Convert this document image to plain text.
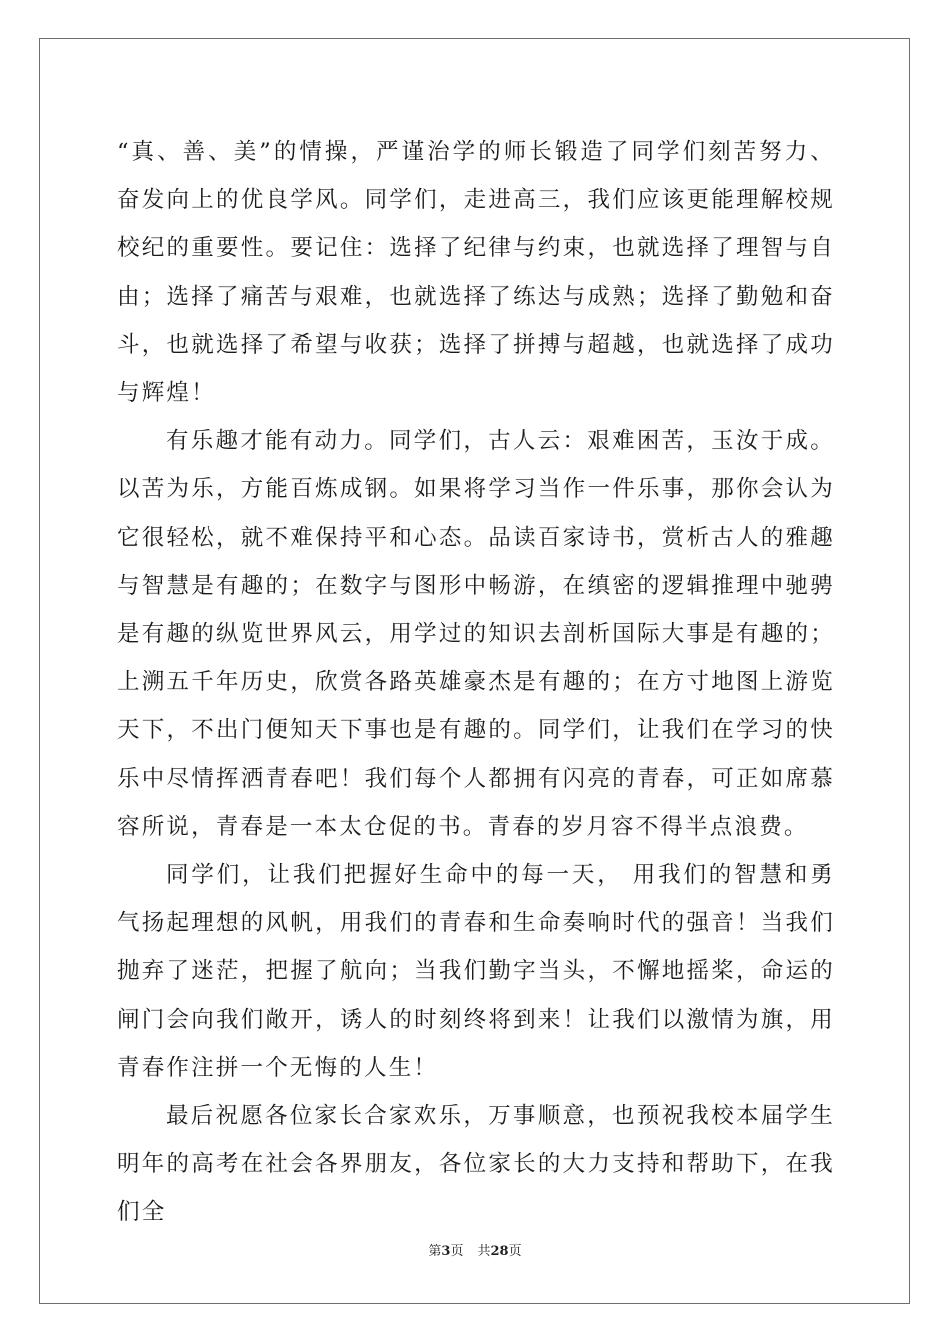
“真、善、美”的情操，严谨治学的师长锻造了同学们刻苦努力、奋发向上的优良学风。同学们，走进高三，我们应该更能理解校规校纪的重要性。要记住：选择了纪律与约束，也就选择了理智与自由；选择了痛苦与艰难，也就选择了练达与成熟；选择了勤勉和奋斗，也就选择了希望与收获；选择了拼搏与超越，也就选择了成功与辉煌！

有乐趣才能有动力。同学们，古人云：艰难困苦，玉汝于成。以苦为乐，方能百炼成钢。如果将学习当作一件乐事，那你会认为它很轻松，就不难保持平和心态。品读百家诗书，赏析古人的雅趣与智慧是有趣的；在数字与图形中畅游，在缜密的逻辑推理中驰骋是有趣的纵览世界风云，用学过的知识去剖析国际大事是有趣的；上溯五千年历史，欣赏各路英雄豪杰是有趣的；在方寸地图上游览天下，不出门便知天下事也是有趣的。同学们，让我们在学习的快乐中尽情挥洒青春吧！我们每个人都拥有闪亮的青春，可正如席慕容所说，青春是一本太仓促的书。青春的岁月容不得半点浪费。

同学们，让我们把握好生命中的每一天， 用我们的智慧和勇气扬起理想的风帆，用我们的青春和生命奏响时代的强音！当我们抛弃了迷茫，把握了航向；当我们勤字当头，不懈地摇桨，命运的闸门会向我们敞开，诱人的时刻终将到来！让我们以激情为旗，用青春作注拼一个无悔的人生！

最后祝愿各位家长合家欢乐，万事顺意，也预祝我校本届学生明年的高考在社会各界朋友，各位家长的大力支持和帮助下，在我们全

第3页 共28页
